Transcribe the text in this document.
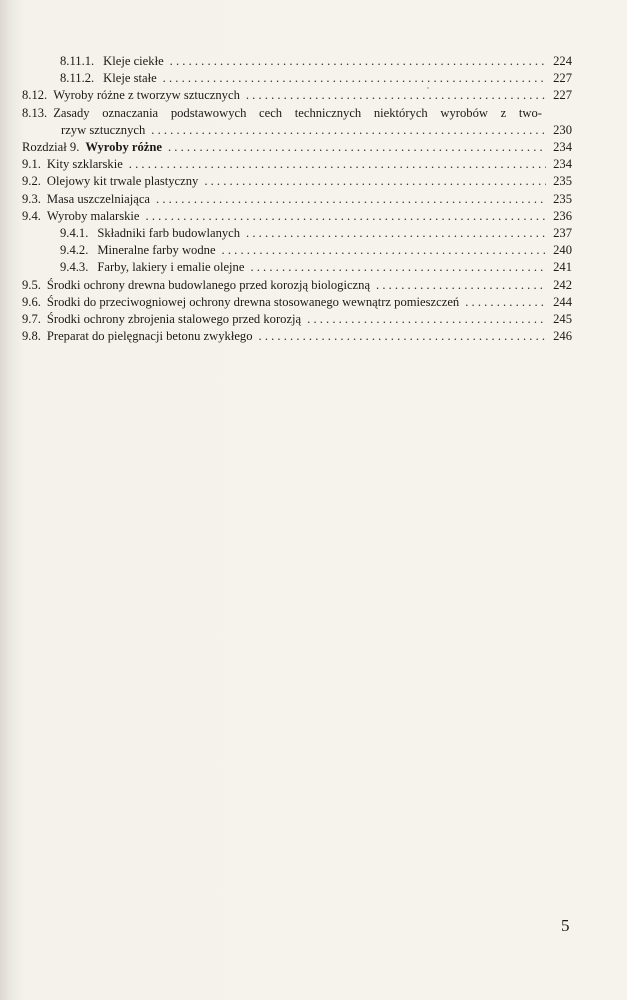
8.11.1. Kleje ciekłe . . .	224
8.11.2. Kleje stałe . . .	227
8.12. Wyroby różne z tworzyw sztucznych . . .	227
8.13. Zasady oznaczania podstawowych cech technicznych niektórych wyrobów z two-
rzyw sztucznych . . .	230
Rozdział 9. Wyroby różne . . .	234
9.1. Kity szklarskie . . .	234
9.2. Olejowy kit trwale plastyczny . . .	235
9.3. Masa uszczelniająca . . .	235
9.4. Wyroby malarskie . . .	236
9.4.1. Składniki farb budowlanych . . .	237
9.4.2. Mineralne farby wodne . . .	240
9.4.3. Farby, lakiery i emalie olejne . . .	241
9.5. Środki ochrony drewna budowlanego przed korozją biologiczną . . .	242
9.6. Środki do przeciwogniowej ochrony drewna stosowanego wewnątrz pomieszczeń . . .	244
9.7. Środki ochrony zbrojenia stalowego przed korozją . . .	245
9.8. Preparat do pielęgnacji betonu zwykłego . . .	246
5
